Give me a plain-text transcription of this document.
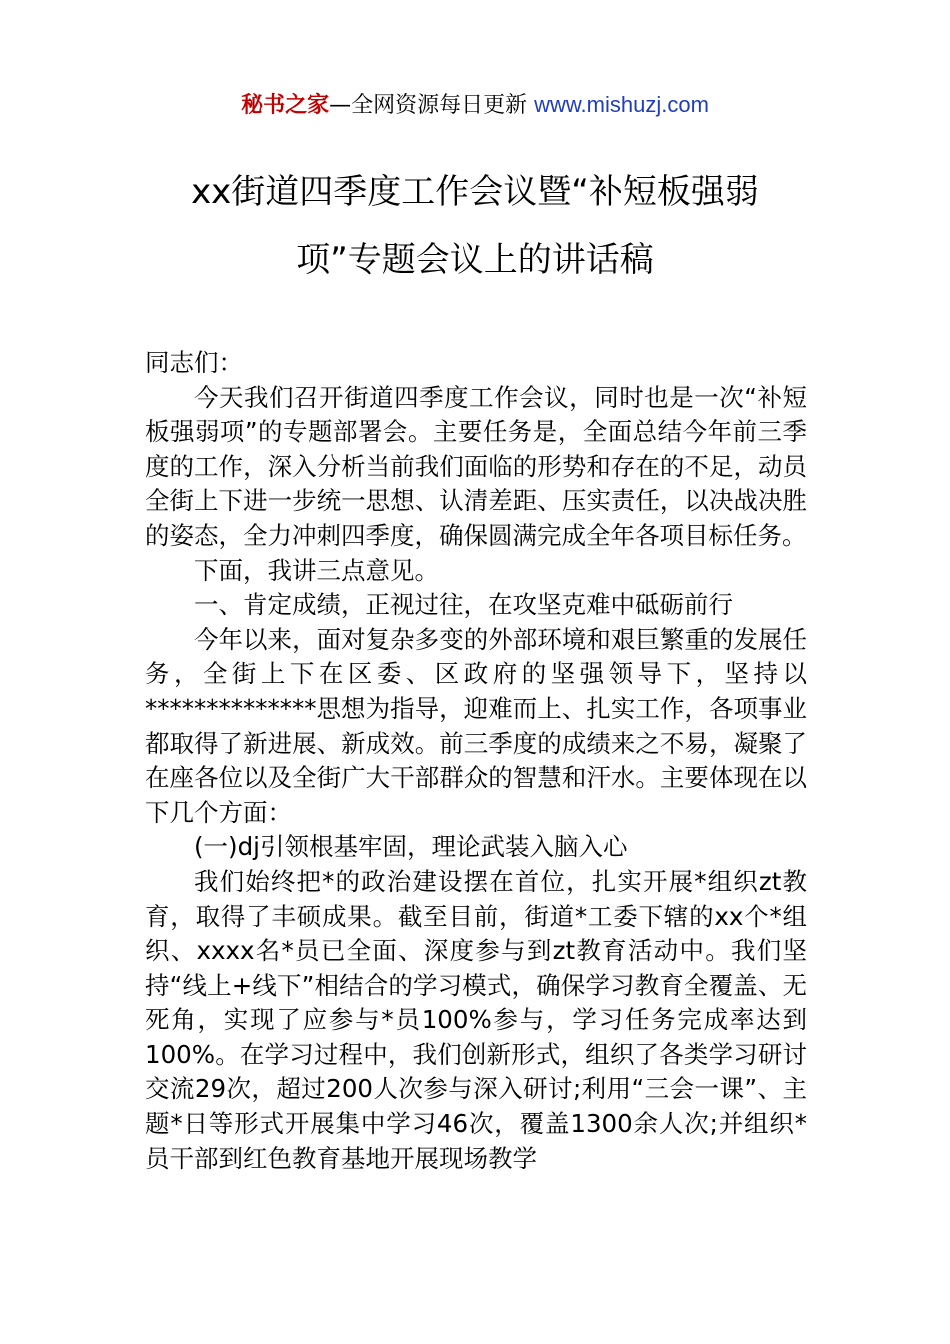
秘书之家—全网资源每日更新 www.mishuzj.com
xx街道四季度工作会议暨“补短板强弱
项”专题会议上的讲话稿

同志们：

今天我们召开街道四季度工作会议，同时也是一次“补短板强弱项”的专题部署会。主要任务是，全面总结今年前三季度的工作，深入分析当前我们面临的形势和存在的不足，动员全街上下进一步统一思想、认清差距、压实责任，以决战决胜的姿态，全力冲刺四季度，确保圆满完成全年各项目标任务。

下面，我讲三点意见。

一、肯定成绩，正视过往，在攻坚克难中砥砺前行

今年以来，面对复杂多变的外部环境和艰巨繁重的发展任务，全街上下在区委、区政府的坚强领导下，坚持以**************思想为指导，迎难而上、扎实工作，各项事业都取得了新进展、新成效。前三季度的成绩来之不易，凝聚了在座各位以及全街广大干部群众的智慧和汗水。主要体现在以下几个方面：

(一)dj引领根基牢固，理论武装入脑入心

我们始终把*的政治建设摆在首位，扎实开展*组织zt教育，取得了丰硕成果。截至目前，街道*工委下辖的xx个*组织、xxxx名*员已全面、深度参与到zt教育活动中。我们坚持“线上+线下”相结合的学习模式，确保学习教育全覆盖、无死角，实现了应参与*员100%参与，学习任务完成率达到100%。在学习过程中，我们创新形式，组织了各类学习研讨交流29次，超过200人次参与深入研讨;利用“三会一课”、主题*日等形式开展集中学习46次，覆盖1300余人次;并组织*员干部到红色教育基地开展现场教学
